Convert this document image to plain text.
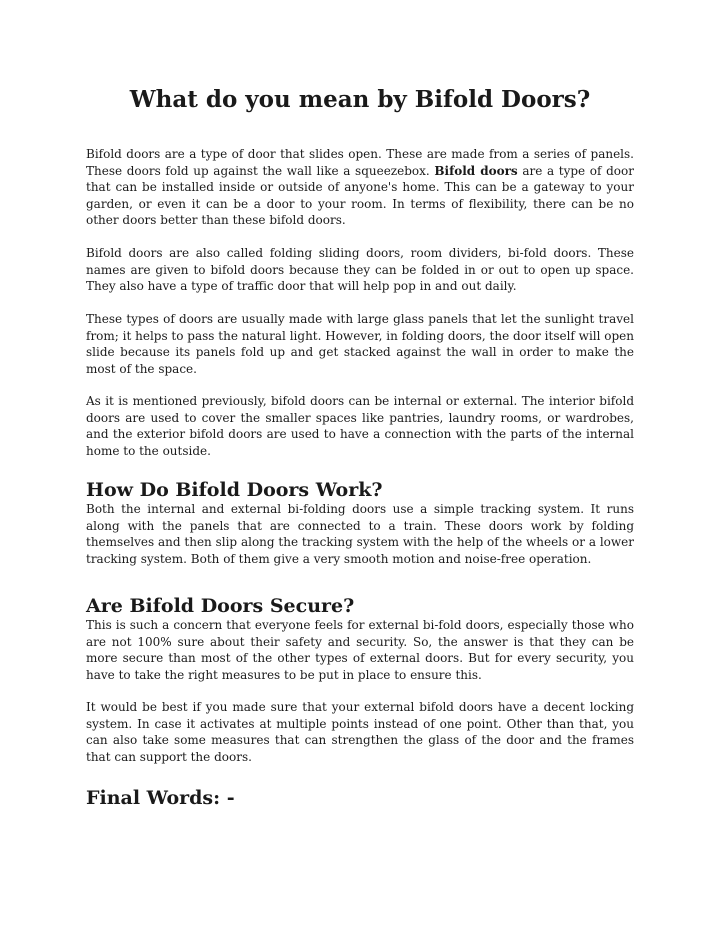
What do you mean by Bifold Doors?

Bifold doors are a type of door that slides open. These are made from a series of panels. These doors fold up against the wall like a squeezebox. Bifold doors are a type of door that can be installed inside or outside of anyone's home. This can be a gateway to your garden, or even it can be a door to your room. In terms of flexibility, there can be no other doors better than these bifold doors.

Bifold doors are also called folding sliding doors, room dividers, bi-fold doors. These names are given to bifold doors because they can be folded in or out to open up space. They also have a type of traffic door that will help pop in and out daily.

These types of doors are usually made with large glass panels that let the sunlight travel from; it helps to pass the natural light. However, in folding doors, the door itself will open slide because its panels fold up and get stacked against the wall in order to make the most of the space.

As it is mentioned previously, bifold doors can be internal or external. The interior bifold doors are used to cover the smaller spaces like pantries, laundry rooms, or wardrobes, and the exterior bifold doors are used to have a connection with the parts of the internal home to the outside.

How Do Bifold Doors Work?

Both the internal and external bi-folding doors use a simple tracking system. It runs along with the panels that are connected to a train. These doors work by folding themselves and then slip along the tracking system with the help of the wheels or a lower tracking system. Both of them give a very smooth motion and noise-free operation.

Are Bifold Doors Secure?

This is such a concern that everyone feels for external bi-fold doors, especially those who are not 100% sure about their safety and security. So, the answer is that they can be more secure than most of the other types of external doors. But for every security, you have to take the right measures to be put in place to ensure this.

It would be best if you made sure that your external bifold doors have a decent locking system. In case it activates at multiple points instead of one point. Other than that, you can also take some measures that can strengthen the glass of the door and the frames that can support the doors.

Final Words: -
